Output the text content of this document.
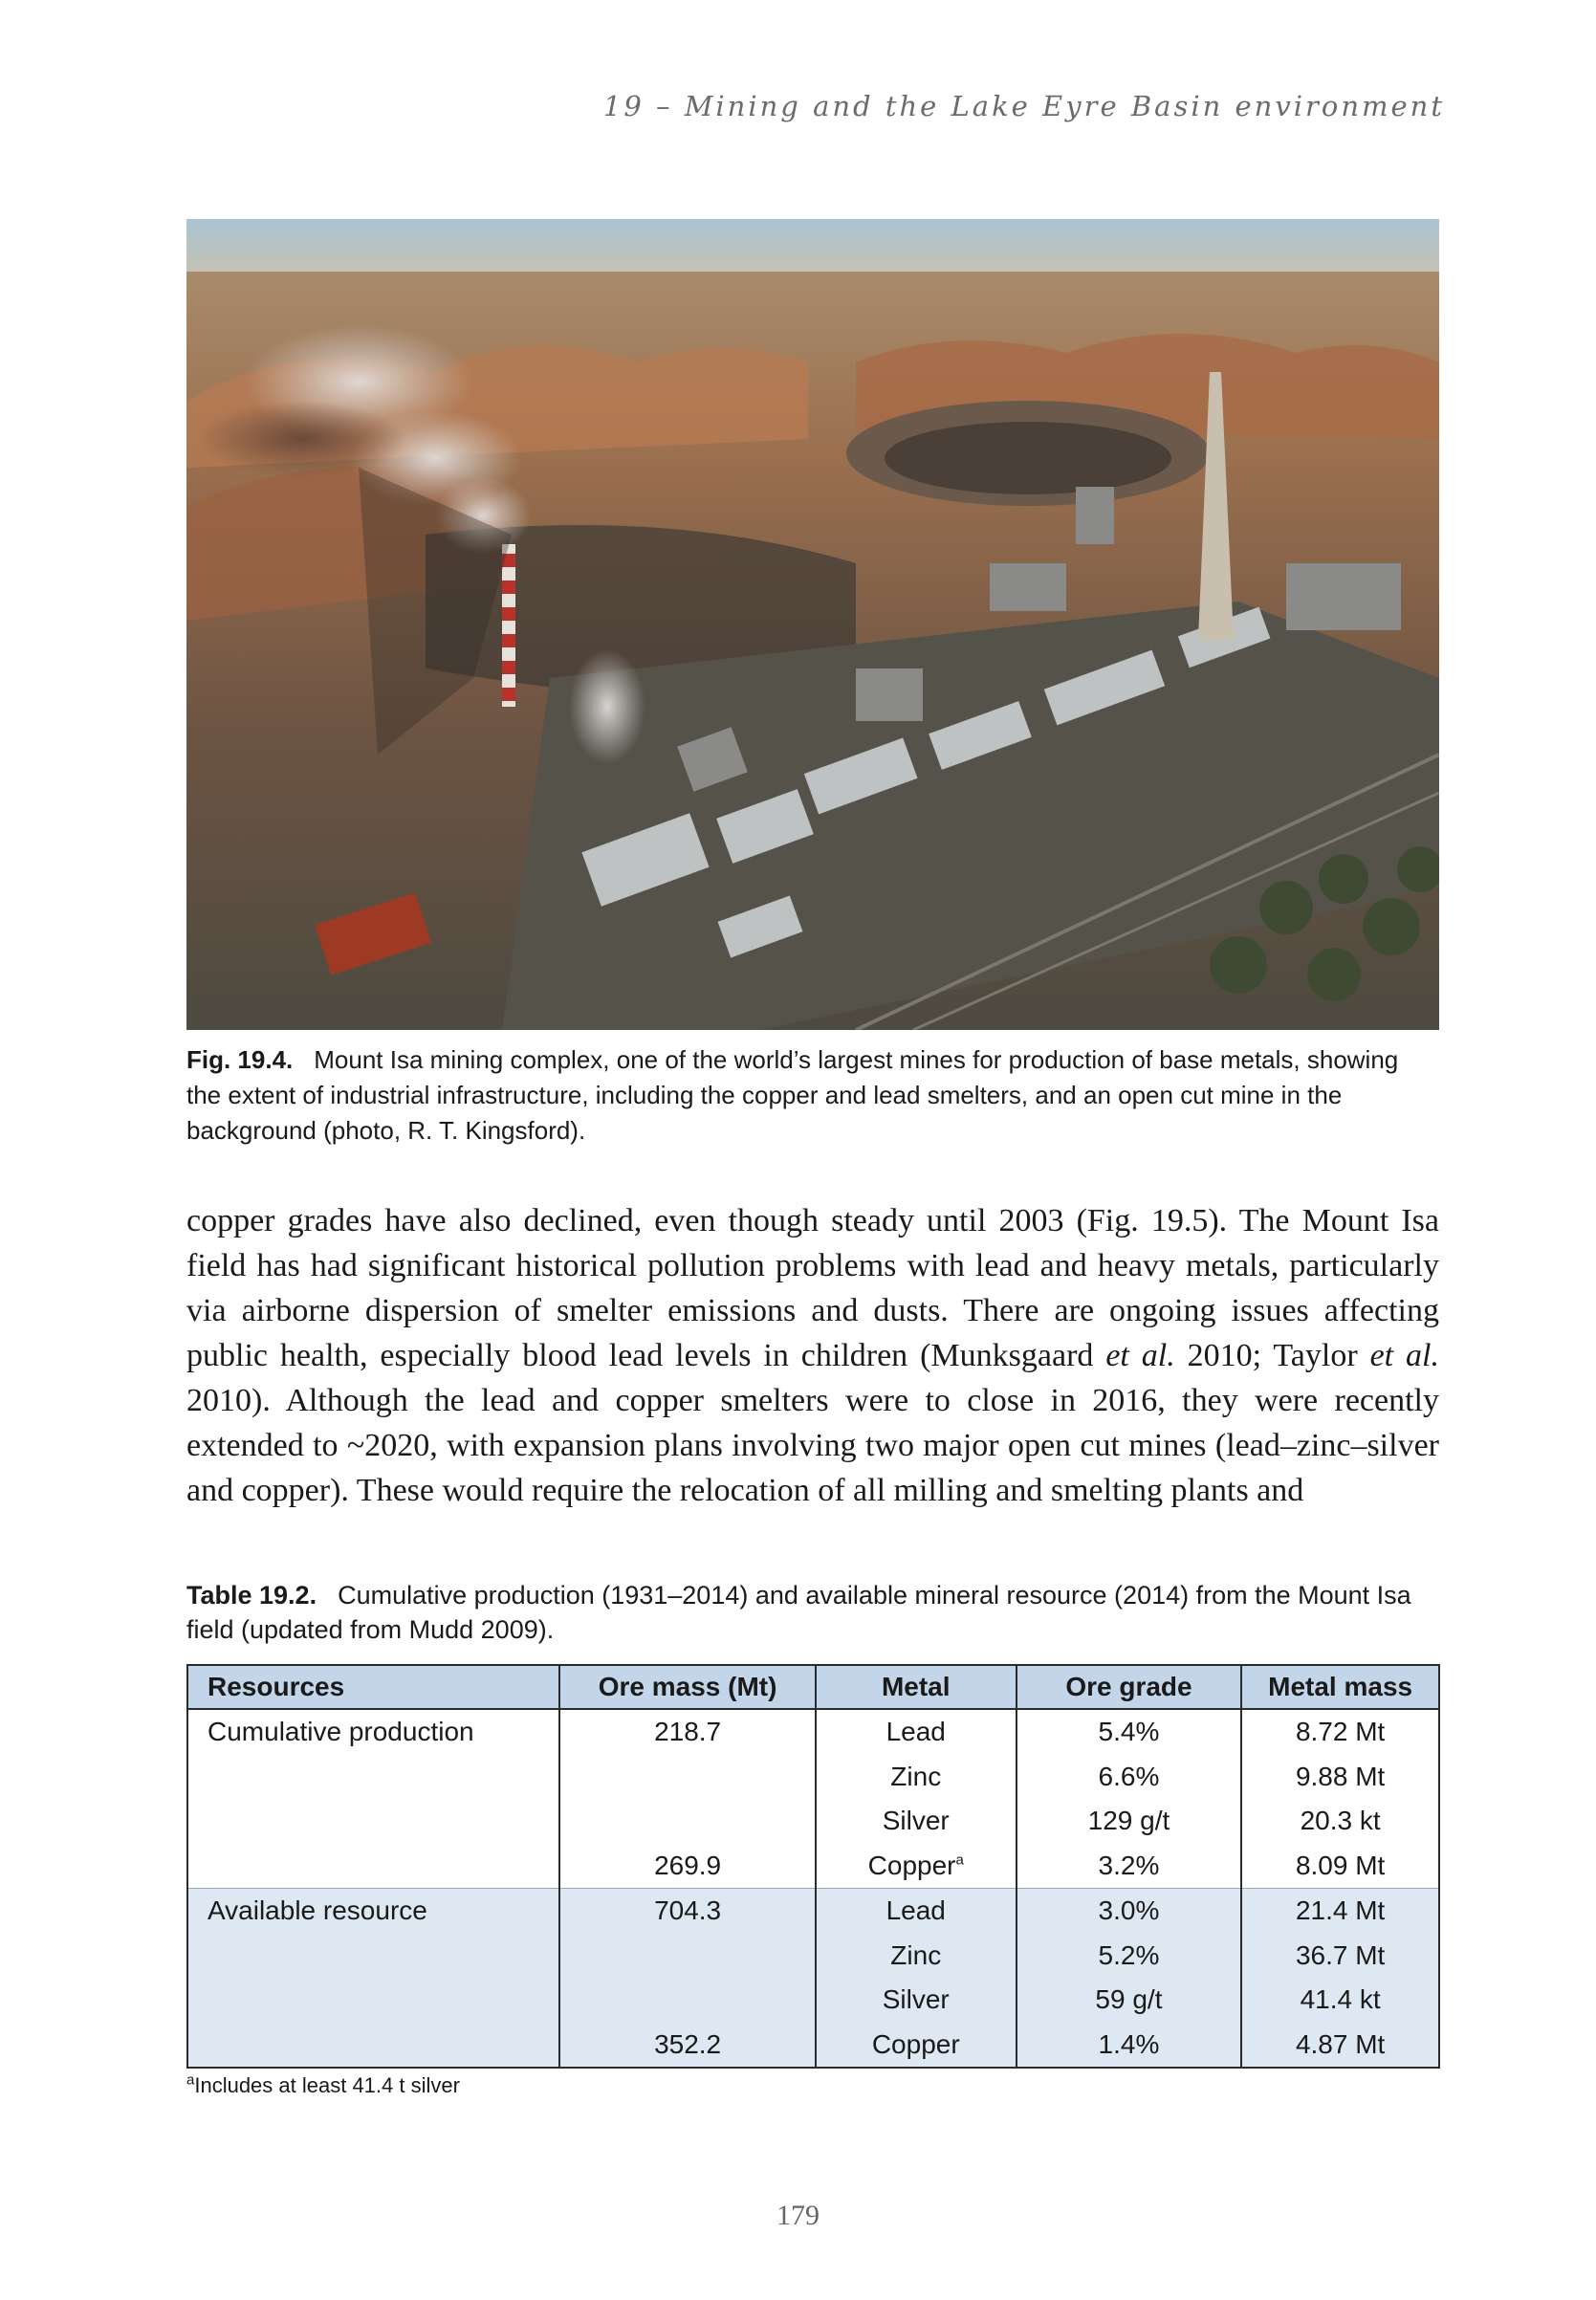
19 – Mining and the Lake Eyre Basin environment
Fig. 19.4. Mount Isa mining complex, one of the world’s largest mines for production of base metals, showing the extent of industrial infrastructure, including the copper and lead smelters, and an open cut mine in the background (photo, R. T. Kingsford).
copper grades have also declined, even though steady until 2003 (Fig. 19.5). The Mount Isa field has had significant historical pollution problems with lead and heavy metals, particularly via airborne dispersion of smelter emissions and dusts. There are ongoing issues affecting public health, especially blood lead levels in children (Munksgaard et al. 2010; Taylor et al. 2010). Although the lead and copper smelters were to close in 2016, they were recently extended to ~2020, with expansion plans involving two major open cut mines (lead–zinc–silver and copper). These would require the relocation of all milling and smelting plants and
Table 19.2. Cumulative production (1931–2014) and available mineral resource (2014) from the Mount Isa field (updated from Mudd 2009).
Resources	Ore mass (Mt)	Metal	Ore grade	Metal mass
Cumulative production	218.7	Lead	5.4%	8.72 Mt
		Zinc	6.6%	9.88 Mt
		Silver	129 g/t	20.3 kt
	269.9	Copper$^a$	3.2%	8.09 Mt
Available resource	704.3	Lead	3.0%	21.4 Mt
		Zinc	5.2%	36.7 Mt
		Silver	59 g/t	41.4 kt
	352.2	Copper	1.4%	4.87 Mt
$^a$Includes at least 41.4 t silver
179
